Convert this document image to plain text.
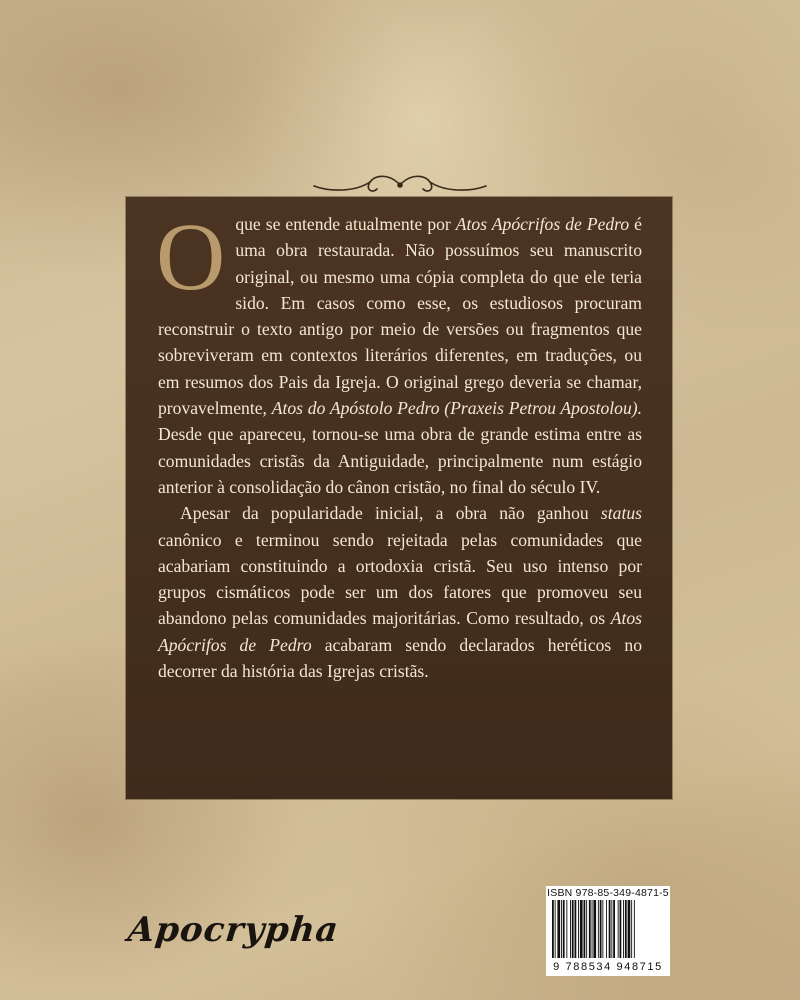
Oque se entende atualmente por Atos Apócrifos de Pedro é uma obra restaurada. Não possuímos seu manuscrito original, ou mesmo uma cópia completa do que ele teria sido. Em casos como esse, os estudiosos procuram reconstruir o texto antigo por meio de versões ou fragmentos que sobreviveram em contextos literários diferentes, em traduções, ou em resumos dos Pais da Igreja. O original grego deveria se chamar, provavelmente, Atos do Apóstolo Pedro (Praxeis Petrou Apostolou). Desde que apareceu, tornou-se uma obra de grande estima entre as comunidades cristãs da Antiguidade, principalmente num estágio anterior à consolidação do cânon cristão, no final do século IV.

Apesar da popularidade inicial, a obra não ganhou status canônico e terminou sendo rejeitada pelas comunidades que acabariam constituindo a ortodoxia cristã. Seu uso intenso por grupos cismáticos pode ser um dos fatores que promoveu seu abandono pelas comunidades majoritárias. Como resultado, os Atos Apócrifos de Pedro acabaram sendo declarados heréticos no decorrer da história das Igrejas cristãs.

Apocrypha
ISBN 978-85-349-4871-5
9 788534 948715
